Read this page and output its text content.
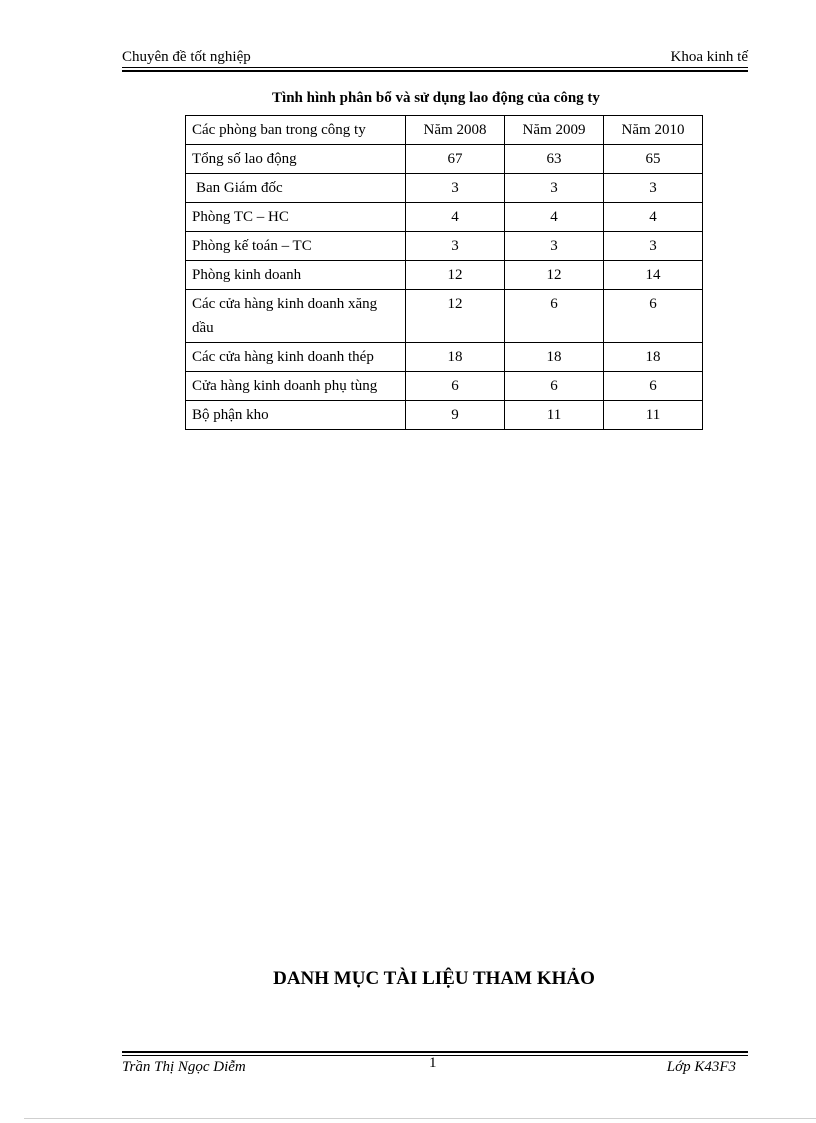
Chuyên đề tốt nghiệp	Khoa kinh tế
Tình hình phân bổ và sử dụng lao động của công ty
Các phòng ban trong công ty	Năm 2008	Năm 2009	Năm 2010
Tổng số lao động	67	63	65
Ban Giám đốc	3	3	3
Phòng TC – HC	4	4	4
Phòng kế toán – TC	3	3	3
Phòng kinh doanh	12	12	14
Các cửa hàng kinh doanh xăng dầu	12	6	6
Các cửa hàng kinh doanh thép	18	18	18
Cửa hàng kinh doanh phụ tùng	6	6	6
Bộ phận kho	9	11	11
DANH MỤC TÀI LIỆU THAM KHẢO
Trần Thị Ngọc Diễm	1	Lớp K43F3
